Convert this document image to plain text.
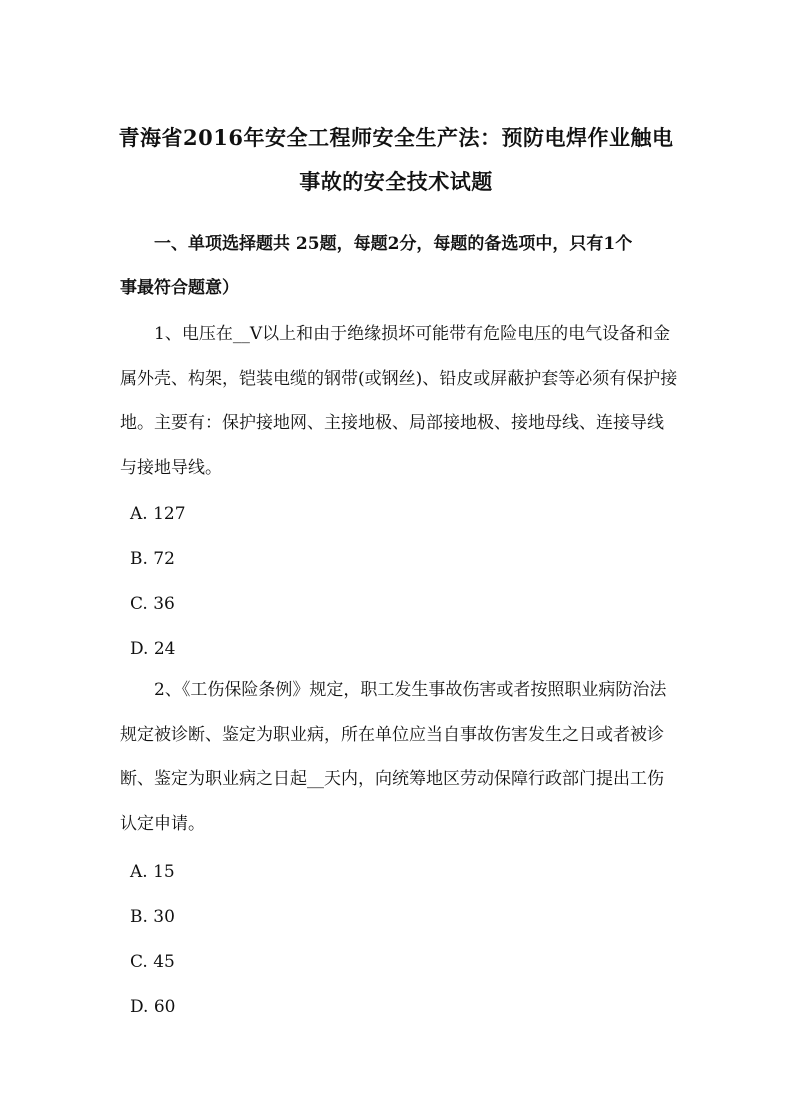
青海省2016年安全工程师安全生产法：预防电焊作业触电
事故的安全技术试题
一、单项选择题共 25题，每题2分，每题的备选项中，只有1个
事最符合题意）
1、电压在__V以上和由于绝缘损坏可能带有危险电压的电气设备和金属外壳、构架，铠装电缆的钢带(或钢丝)、铅皮或屏蔽护套等必须有保护接地。主要有：保护接地网、主接地极、局部接地极、接地母线、连接导线与接地导线。
A. 127
B. 72
C. 36
D. 24
2、《工伤保险条例》规定，职工发生事故伤害或者按照职业病防治法规定被诊断、鉴定为职业病，所在单位应当自事故伤害发生之日或者被诊断、鉴定为职业病之日起__天内，向统筹地区劳动保障行政部门提出工伤认定申请。
A. 15
B. 30
C. 45
D. 60
